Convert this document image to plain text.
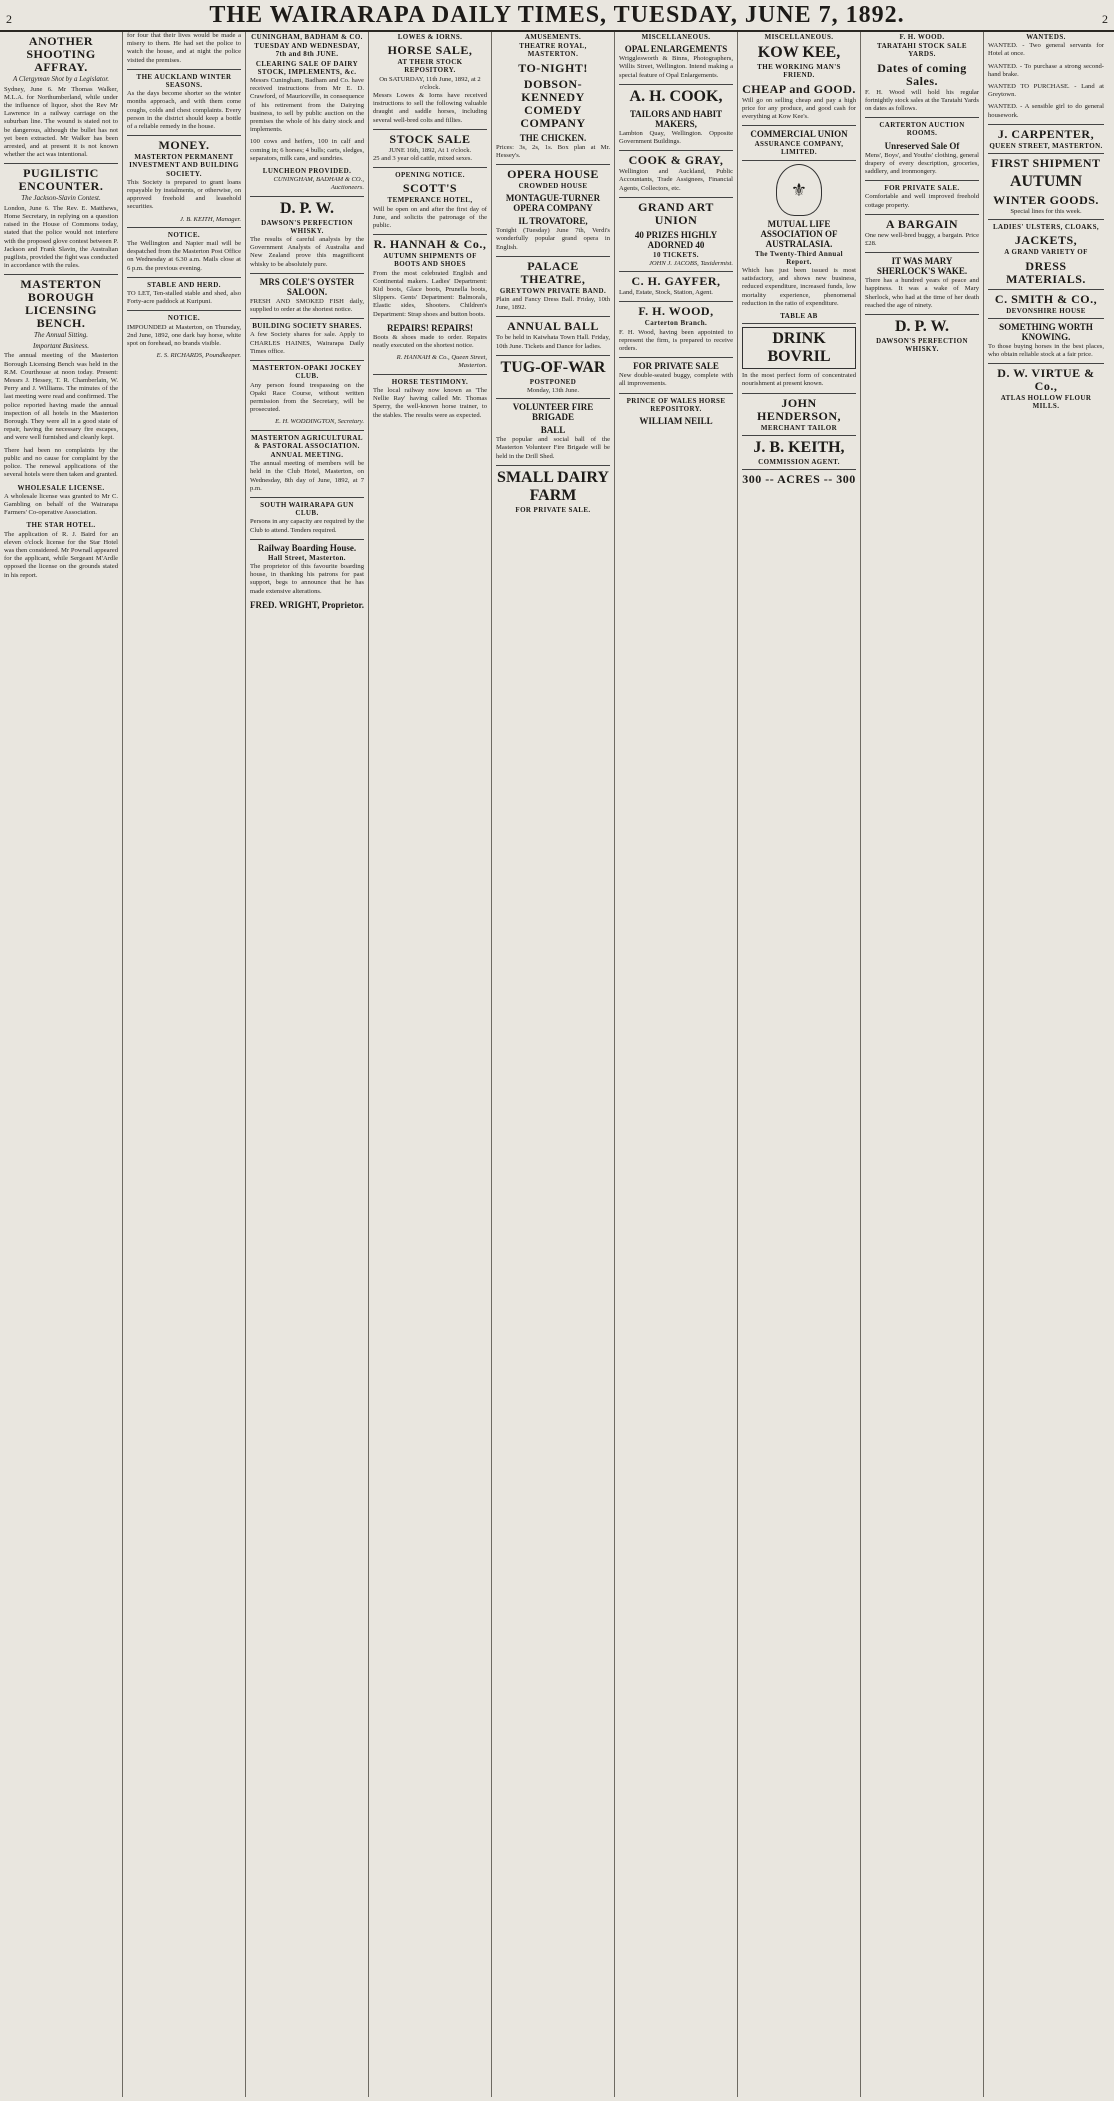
2	THE WAIRARAPA DAILY TIMES, TUESDAY, JUNE 7, 1892.	2
ANOTHER SHOOTING AFFRAY.
A Clergyman Shot by a Legislator.
Sydney, June 6. Mr Thomas Walker, M.L.A. for Northumberland, while under the influence of liquor, shot the Rev Mr Lawrence in a railway carriage on the suburban line. The wound is stated not to be dangerous, although the bullet has not yet been extracted. Mr Walker has been arrested, and at present it is not known whether the act was intentional.
PUGILISTIC ENCOUNTER.
The Jackson-Slavin Contest.
London, June 6. The Rev. E. Matthews, Home Secretary, in replying on a question raised in the House of Commons today, stated that the police would not interfere with the proposed glove contest between P. Jackson and Frank Slavin, the Australian pugilists, provided the fight was conducted in accordance with the rules.
MASTERTON BOROUGH LICENSING BENCH.
The Annual Sitting.
Important Business.
The annual meeting of the Masterton Borough Licensing Bench was held in the R.M. Courthouse at noon today. Present: Messrs J. Hessey, T. R. Chamberlain, W. Perry and J. Williams. The minutes of the last meeting were read and confirmed. The police reported having made the annual inspection of all hotels in the Masterton Borough. They were all in a good state of repair, having the necessary fire escapes, and were well furnished and cleanly kept.
There had been no complaints by the public and no cause for complaint by the police. The renewal applications of the several hotels were then taken and granted.
WHOLESALE LICENSE.
A wholesale license was granted to Mr C. Gambling on behalf of the Wairarapa Farmers' Co-operative Association.
THE STAR HOTEL.
The application of R. J. Baird for an eleven o'clock license for the Star Hotel was then considered. Mr Pownall appeared for the applicant, while Sergeant M'Ardle opposed the license on the grounds stated in his report.

for four that their lives would be made a misery to them. He had set the police to watch the house, and at night the police visited the premises.
THE AUCKLAND WINTER SEASONS.
As the days become shorter so the winter months approach, and with them come coughs, colds and chest complaints. Every person in the district should keep a bottle of a reliable remedy in the house.
MONEY.
MASTERTON PERMANENT INVESTMENT AND BUILDING SOCIETY.
This Society is prepared to grant loans repayable by instalments, or otherwise, on approved freehold and leasehold securities.
J. B. KEITH, Manager.
NOTICE.
The Wellington and Napier mail will be despatched from the Masterton Post Office on Wednesday at 6.30 a.m. Mails close at 6 p.m. the previous evening.
STABLE AND HERD.
TO LET, Ten-stalled stable and shed, also Forty-acre paddock at Kuripuni.
NOTICE.
IMPOUNDED at Masterton, on Thursday, 2nd June, 1892, one dark bay horse, white spot on forehead, no brands visible.
E. S. RICHARDS, Poundkeeper.
CUNINGHAM, BADHAM & CO.
TUESDAY AND WEDNESDAY, 7th and 8th JUNE.
CLEARING SALE OF DAIRY STOCK, IMPLEMENTS, &c.
Messrs Cuningham, Badham and Co. have received instructions from Mr E. D. Crawford, of Mauriceville, in consequence of his retirement from the Dairying business, to sell by public auction on the premises the whole of his dairy stock and implements.
100 cows and heifers, 100 in calf and coming in; 6 horses; 4 bulls; carts, sledges, separators, milk cans, and sundries.
LUNCHEON PROVIDED.
CUNINGHAM, BADHAM & CO., Auctioneers.
D. P. W.
DAWSON'S PERFECTION WHISKY.
The results of careful analysis by the Government Analysts of Australia and New Zealand prove this magnificent whisky to be absolutely pure.
MRS COLE'S OYSTER SALOON.
FRESH AND SMOKED FISH daily, supplied to order at the shortest notice.
BUILDING SOCIETY SHARES.
A few Society shares for sale. Apply to CHARLES HAINES, Wairarapa Daily Times office.
MASTERTON-OPAKI JOCKEY CLUB.
Any person found trespassing on the Opaki Race Course, without written permission from the Secretary, will be prosecuted.
E. H. WODDINGTON, Secretary.
MASTERTON AGRICULTURAL & PASTORAL ASSOCIATION.
ANNUAL MEETING.
The annual meeting of members will be held in the Club Hotel, Masterton, on Wednesday, 8th day of June, 1892, at 7 p.m.
SOUTH WAIRARAPA GUN CLUB.
Persons in any capacity are required by the Club to attend. Tenders required.
Railway Boarding House.
Hall Street, Masterton.
The proprietor of this favourite boarding house, in thanking his patrons for past support, begs to announce that he has made extensive alterations.
FRED. WRIGHT, Proprietor.
LOWES & IORNS.
HORSE SALE,
AT THEIR STOCK REPOSITORY.
On SATURDAY, 11th June, 1892, at 2 o'clock.
Messrs Lowes & Iorns have received instructions to sell the following valuable draught and saddle horses, including several well-bred colts and fillies.
STOCK SALE
JUNE 16th, 1892, At 1 o'clock.
25 and 3 year old cattle, mixed sexes.
OPENING NOTICE.
SCOTT'S
TEMPERANCE HOTEL,
Will be open on and after the first day of June, and solicits the patronage of the public.
R. HANNAH & Co.,
AUTUMN SHIPMENTS OF BOOTS AND SHOES
From the most celebrated English and Continental makers. Ladies' Department: Kid boots, Glace boots, Prunella boots, Slippers. Gents' Department: Balmorals, Elastic sides, Shooters. Children's Department: Strap shoes and button boots.
REPAIRS! REPAIRS!
Boots & shoes made to order. Repairs neatly executed on the shortest notice.
R. HANNAH & Co., Queen Street, Masterton.
HORSE TESTIMONY.
The local railway now known as 'The Nellie Ray' having called Mr. Thomas Sperry, the well-known horse trainer, to the stables. The results were as expected.
AMUSEMENTS.
THEATRE ROYAL, MASTERTON.
TO-NIGHT!
DOBSON-KENNEDY COMEDY COMPANY
THE CHICKEN.
Prices: 3s, 2s, 1s. Box plan at Mr. Hessey's.
OPERA HOUSE
CROWDED HOUSE
MONTAGUE-TURNER OPERA COMPANY
IL TROVATORE,
Tonight (Tuesday) June 7th, Verdi's wonderfully popular grand opera in English.
PALACE THEATRE,
GREYTOWN PRIVATE BAND.
Plain and Fancy Dress Ball. Friday, 10th June, 1892.
ANNUAL BALL
To be held in Kaiwhata Town Hall. Friday, 10th June. Tickets and Dance for ladies.
TUG-OF-WAR
POSTPONED
Monday, 13th June.
VOLUNTEER FIRE BRIGADE
BALL
The popular and social ball of the Masterton Volunteer Fire Brigade will be held in the Drill Shed.
SMALL DAIRY FARM
FOR PRIVATE SALE.
MISCELLANEOUS.
OPAL ENLARGEMENTS
Wrigglesworth & Binns, Photographers, Willis Street, Wellington. Intend making a special feature of Opal Enlargements.
A. H. COOK,
TAILORS AND HABIT MAKERS,
Lambton Quay, Wellington. Opposite Government Buildings.
COOK & GRAY,
Wellington and Auckland, Public Accountants, Trade Assignees, Financial Agents, Collectors, etc.
GRAND ART UNION
40 PRIZES HIGHLY ADORNED 40
10 TICKETS.
JOHN J. JACOBS, Taxidermist.
C. H. GAYFER,
Land, Estate, Stock, Station, Agent.
F. H. WOOD,
Carterton Branch.
F. H. Wood, having been appointed to represent the firm, is prepared to receive orders.
FOR PRIVATE SALE
New double-seated buggy, complete with all improvements.
PRINCE OF WALES HORSE REPOSITORY.
WILLIAM NEILL
MISCELLANEOUS.
KOW KEE,
THE WORKING MAN'S FRIEND.
CHEAP and GOOD.
Will go on selling cheap and pay a high price for any produce, and good cash for everything at Kow Kee's.
COMMERCIAL UNION
ASSURANCE COMPANY, LIMITED.
⚜
MUTUAL LIFE ASSOCIATION OF AUSTRALASIA.
The Twenty-Third Annual Report.
Which has just been issued is most satisfactory, and shows new business, reduced expenditure, increased funds, low mortality experience, phenomenal reduction in the ratio of expenditure.
TABLE AB
DRINK BOVRIL
In the most perfect form of concentrated nourishment at present known.
JOHN HENDERSON,
MERCHANT TAILOR
J. B. KEITH,
COMMISSION AGENT.
300 -- ACRES -- 300
F. H. WOOD.
TARATAHI STOCK SALE YARDS.
Dates of coming Sales.
F. H. Wood will hold his regular fortnightly stock sales at the Taratahi Yards on dates as follows.
CARTERTON AUCTION ROOMS.
Unreserved Sale Of
Mens', Boys', and Youths' clothing, general drapery of every description, groceries, saddlery, and ironmongery.
FOR PRIVATE SALE.
Comfortable and well improved freehold cottage property.
A BARGAIN
One new well-bred buggy, a bargain. Price £28.
IT WAS MARY SHERLOCK'S WAKE.
There has a hundred years of peace and happiness. It was a wake of Mary Sherlock, who had at the time of her death reached the age of ninety.
D. P. W.
DAWSON'S PERFECTION WHISKY.
WANTEDS.
WANTED. - Two general servants for Hotel at once.
WANTED. - To purchase a strong second-hand brake.
WANTED TO PURCHASE. - Land at Greytown.
WANTED. - A sensible girl to do general housework.
J. CARPENTER,
QUEEN STREET, MASTERTON.
FIRST SHIPMENT
AUTUMN
WINTER GOODS.
Special lines for this week.
LADIES' ULSTERS, CLOAKS,
JACKETS,
A GRAND VARIETY OF
DRESS MATERIALS.
C. SMITH & CO.,
DEVONSHIRE HOUSE
SOMETHING WORTH KNOWING.
To those buying horses in the best places, who obtain reliable stock at a fair price.
D. W. VIRTUE & Co.,
ATLAS HOLLOW FLOUR MILLS.
